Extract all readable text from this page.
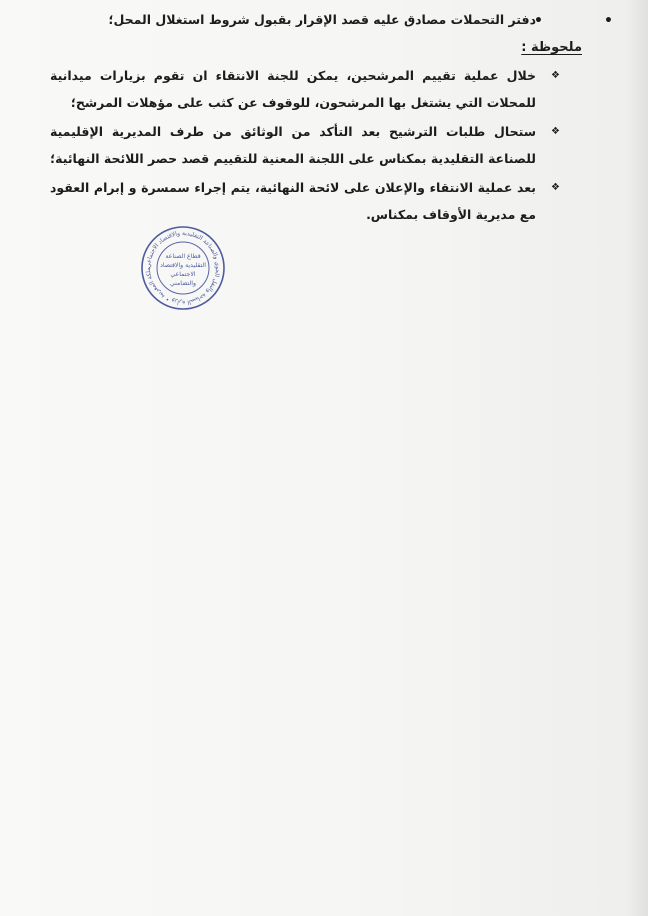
•
•
دفتر التحملات مصادق عليه قصد الإقرار بقبول شروط استغلال المحل؛
ملحوظة :
❖
خلال عملية تقييم المرشحين، يمكن للجنة الانتقاء ان تقوم بزيارات ميدانية للمحلات التي يشتغل بها المرشحون، للوقوف عن كثب على مؤهلات المرشح؛
❖
ستحال طلبات الترشيح بعد التأكد من الوثائق من طرف المديرية الإقليمية للصناعة التقليدية بمكناس على اللجنة المعنية للتقييم قصد حصر اللائحة النهائية؛
❖
بعد عملية الانتقاء والإعلان على لائحة النهائية، يتم إجراء سمسرة و إبرام العقود مع مديرية الأوقاف بمكناس.
ملكة المغربية • وزارة السياحة والنقل الجوي والصناعة التقليدية والاقتصاد الاجتماعي
قطاع الصناعة
التقليدية والاقتصاد
الاجتماعي
والتضامني
